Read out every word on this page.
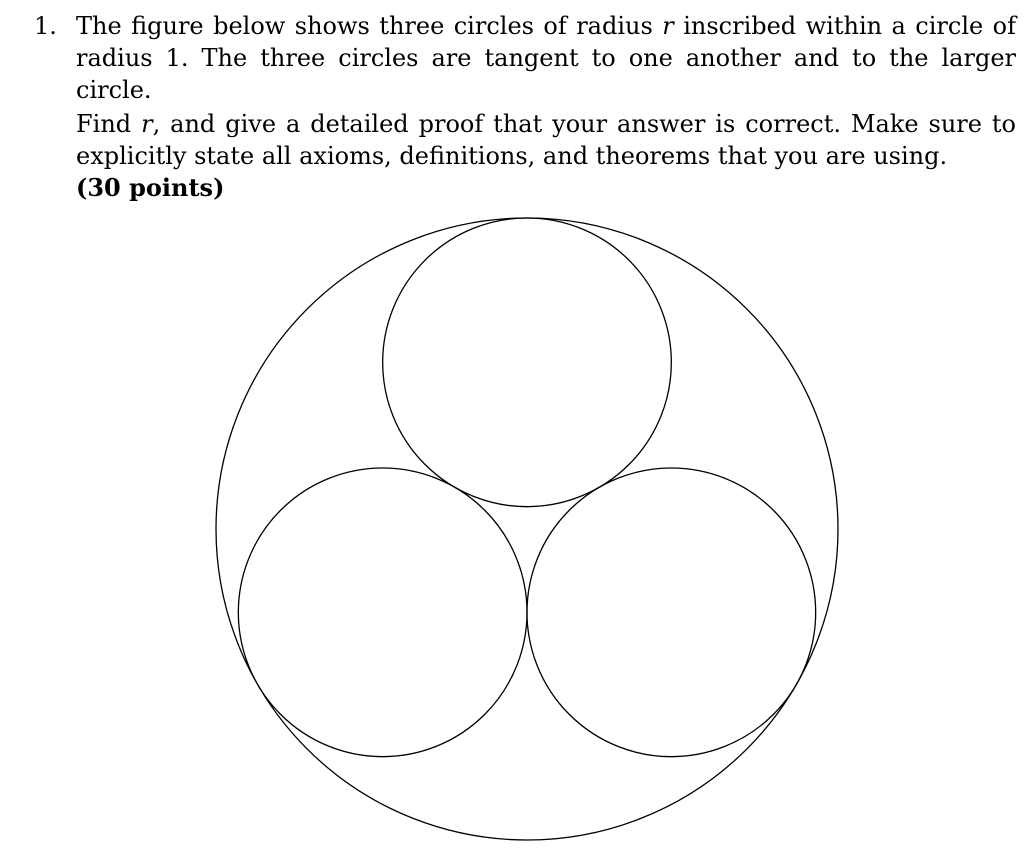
1. The figure below shows three circles of radius r inscribed within a circle of radius 1. The three circles are tangent to one another and to the larger circle.
Find r, and give a detailed proof that your answer is correct. Make sure to explicitly state all axioms, definitions, and theorems that you are using.
(30 points)
